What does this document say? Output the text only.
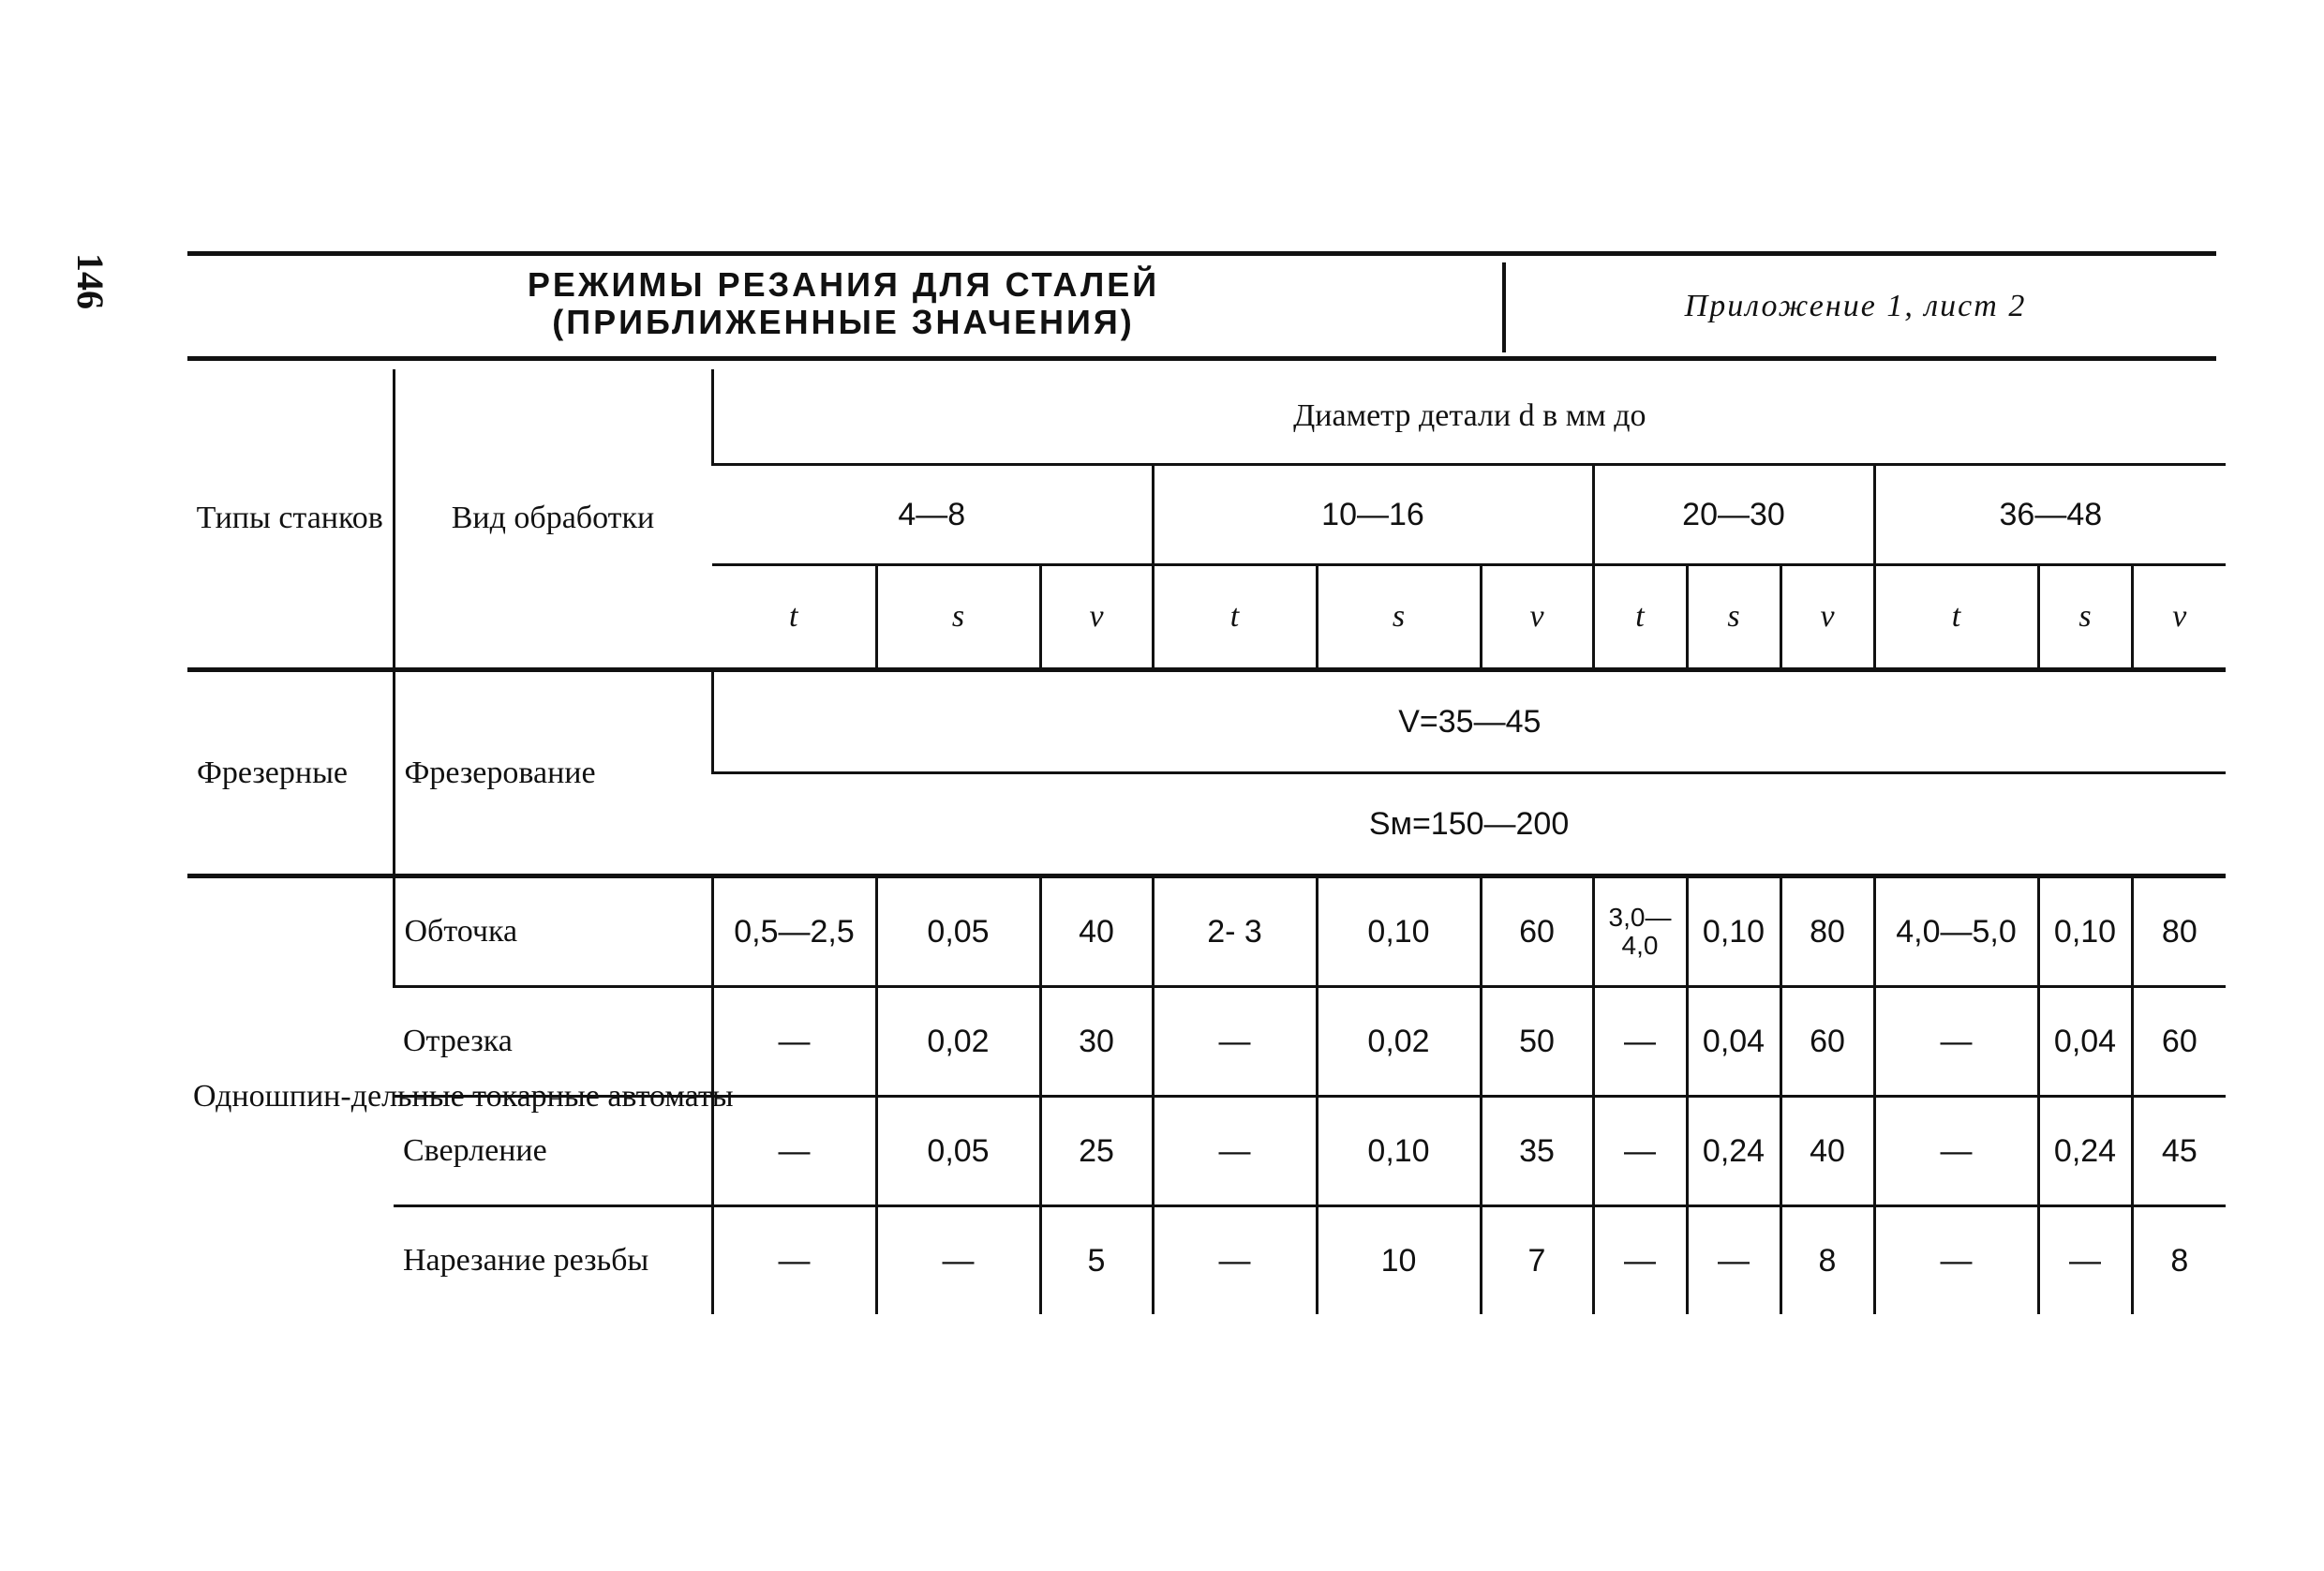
146	РЕЖИМЫ РЕЗАНИЯ ДЛЯ СТАЛЕЙ
(ПРИБЛИЖЕННЫЕ ЗНАЧЕНИЯ)	Приложение 1, лист 2
Типы станков	Вид обработки	Диаметр детали d в мм до											
		4—8			10—16			20—30			36—48		
		t	s	v	t	s	v	t	s	v	t	s	v
Фрезерные	Фрезерование	V=35—45											
		Sм=150—200											
Одношпин-дельные токарные автоматы	Обточка	0,5—2,5	0,05	40	2- 3	0,10	60	3,0—4,0	0,10	80	4,0—5,0	0,10	80
	Отрезка	—	0,02	30	—	0,02	50	—	0,04	60	—	0,04	60
	Сверление	—	0,05	25	—	0,10	35	—	0,24	40	—	0,24	45
	Нарезание резьбы	—	—	5	—	10	7	—	—	8	—	—	8
